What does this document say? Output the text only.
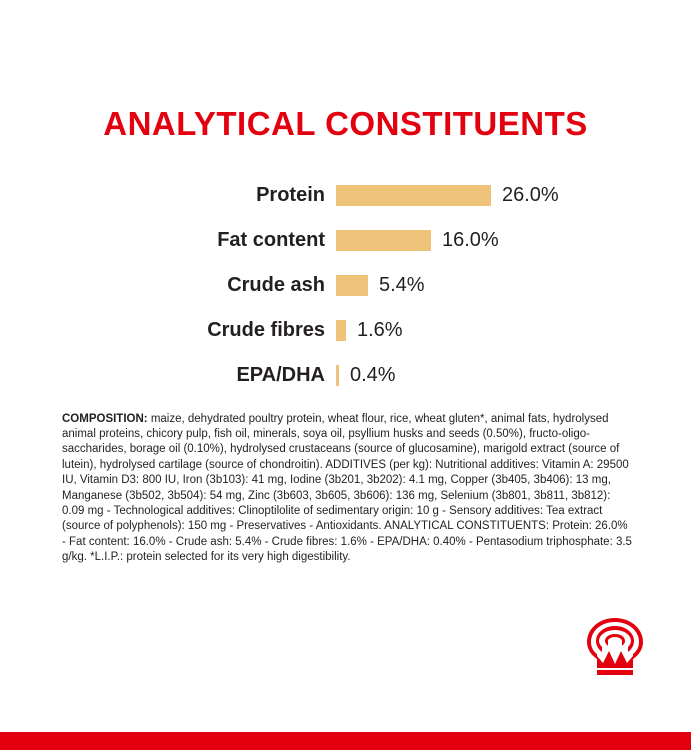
ANALYTICAL CONSTITUENTS
Protein	26.0%
Fat content	16.0%
Crude ash	5.4%
Crude fibres	1.6%
EPA/DHA	0.4%

COMPOSITION: maize, dehydrated poultry protein, wheat flour, rice, wheat gluten*, animal fats, hydrolysed animal proteins, chicory pulp, fish oil, minerals, soya oil, psyllium husks and seeds (0.50%), fructo-oligo-saccharides, borage oil (0.10%), hydrolysed crustaceans (source of glucosamine), marigold extract (source of lutein), hydrolysed cartilage (source of chondroitin). ADDITIVES (per kg): Nutritional additives: Vitamin A: 29500 IU, Vitamin D3: 800 IU, Iron (3b103): 41 mg, Iodine (3b201, 3b202): 4.1 mg, Copper (3b405, 3b406): 13 mg, Manganese (3b502, 3b504): 54 mg, Zinc (3b603, 3b605, 3b606): 136 mg, Selenium (3b801, 3b811, 3b812): 0.09 mg - Technological additives: Clinoptilolite of sedimentary origin: 10 g - Sensory additives: Tea extract (source of polyphenols): 150 mg - Preservatives - Antioxidants. ANALYTICAL CONSTITUENTS: Protein: 26.0% - Fat content: 16.0% - Crude ash: 5.4% - Crude fibres: 1.6% - EPA/DHA: 0.40% - Pentasodium triphosphate: 3.5 g/kg. *L.I.P.: protein selected for its very high digestibility.
